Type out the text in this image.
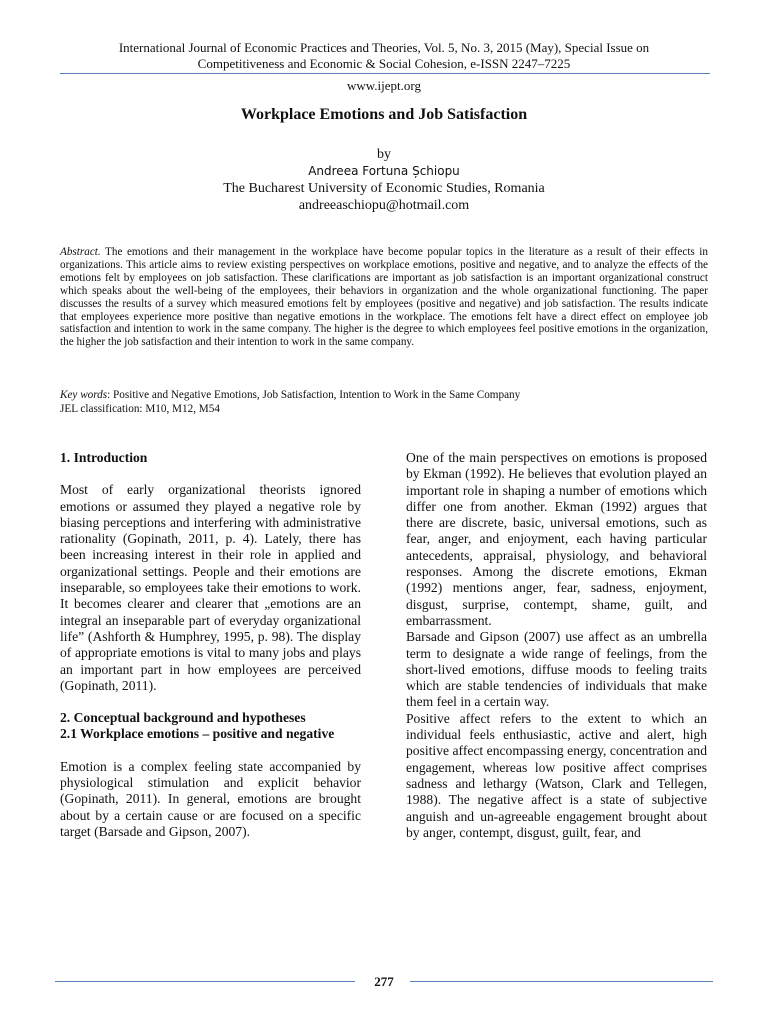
International Journal of Economic Practices and Theories, Vol. 5, No. 3, 2015 (May), Special Issue on
Competitiveness and Economic & Social Cohesion, e-ISSN 2247–7225
www.ijept.org
Workplace Emotions and Job Satisfaction
by
Andreea Fortuna Șchiopu
The Bucharest University of Economic Studies, Romania
andreeaschiopu@hotmail.com

Abstract. The emotions and their management in the workplace have become popular topics in the literature as a result of their effects in organizations. This article aims to review existing perspectives on workplace emotions, positive and negative, and to analyze the effects of the emotions felt by employees on job satisfaction. These clarifications are important as job satisfaction is an important organizational construct which speaks about the well-being of the employees, their behaviors in organization and the whole organizational functioning. The paper discusses the results of a survey which measured emotions felt by employees (positive and negative) and job satisfaction. The results indicate that employees experience more positive than negative emotions in the workplace. The emotions felt have a direct effect on employee job satisfaction and intention to work in the same company. The higher is the degree to which employees feel positive emotions in the organization, the higher the job satisfaction and their intention to work in the same company.

Key words: Positive and Negative Emotions, Job Satisfaction, Intention to Work in the Same Company
JEL classification: M10, M12, M54
1. Introduction

Most of early organizational theorists ignored emotions or assumed they played a negative role by biasing perceptions and interfering with administrative rationality (Gopinath, 2011, p. 4). Lately, there has been increasing interest in their role in applied and organizational settings. People and their emotions are inseparable, so employees take their emotions to work. It becomes clearer and clearer that „emotions are an integral an inseparable part of everyday organizational life” (Ashforth & Humphrey, 1995, p. 98). The display of appropriate emotions is vital to many jobs and plays an important part in how employees are perceived (Gopinath, 2011).

2. Conceptual background and hypotheses
2.1 Workplace emotions – positive and negative

Emotion is a complex feeling state accompanied by physiological stimulation and explicit behavior (Gopinath, 2011). In general, emotions are brought about by a certain cause or are focused on a specific target (Barsade and Gipson, 2007).

One of the main perspectives on emotions is proposed by Ekman (1992). He believes that evolution played an important role in shaping a number of emotions which differ one from another. Ekman (1992) argues that there are discrete, basic, universal emotions, such as fear, anger, and enjoyment, each having particular antecedents, appraisal, physiology, and behavioral responses. Among the discrete emotions, Ekman (1992) mentions anger, fear, sadness, enjoyment, disgust, surprise, contempt, shame, guilt, and embarrassment.

Barsade and Gipson (2007) use affect as an umbrella term to designate a wide range of feelings, from the short-lived emotions, diffuse moods to feeling traits which are stable tendencies of individuals that make them feel in a certain way.

Positive affect refers to the extent to which an individual feels enthusiastic, active and alert, high positive affect encompassing energy, concentration and engagement, whereas low positive affect comprises sadness and lethargy (Watson, Clark and Tellegen, 1988). The negative affect is a state of subjective anguish and un-agreeable engagement brought about by anger, contempt, disgust, guilt, fear, and

277
